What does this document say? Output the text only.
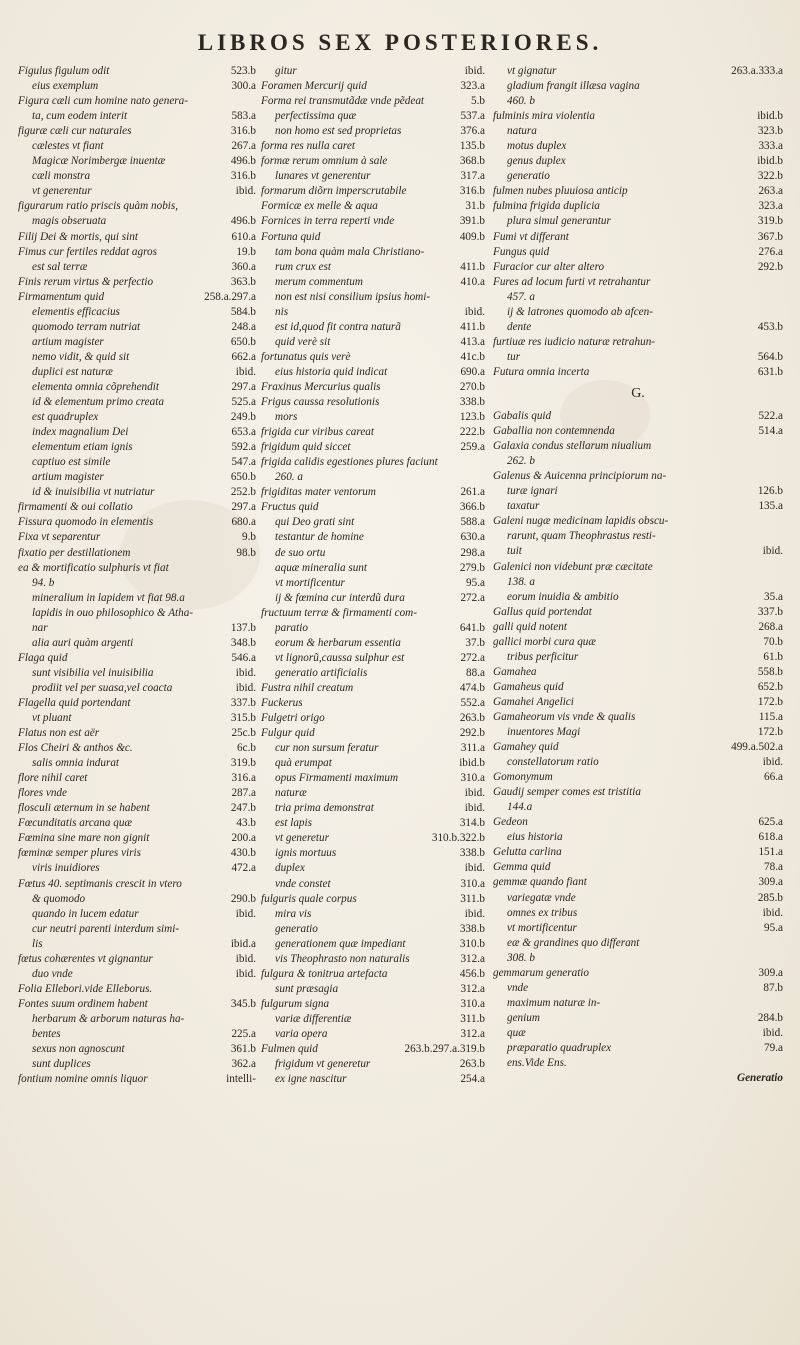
LIBROS SEX POSTERIORES.
Figulus figulum odit	523.b
eius exemplum	300.a
Figura cæli cum homine nato genera-
ta, cum eodem interit	583.a
figuræ cæli cur naturales	316.b
cælestes vt fiant	267.a
Magicæ Norimbergæ inuentæ	496.b
cæli monstra	316.b
vt generentur	ibid.
figurarum ratio priscis quàm nobis,
magis obseruata	496.b
Filij Dei & mortis, qui sint	610.a
Fimus cur fertiles reddat agros	19.b
est sal terræ	360.a
Finis rerum virtus & perfectio	363.b
Firmamentum quid	258.a.297.a
elementis efficacius	584.b
quomodo terram nutriat	248.a
artium magister	650.b
nemo vidit, & quid sit	662.a
duplici est naturæ	ibid.
elementa omnia cõprehendit	297.a
id & elementum primo creata	525.a
est quadruplex	249.b
index magnalium Dei	653.a
elementum etiam ignis	592.a
captiuo est simile	547.a
artium magister	650.b
id & inuisibilia vt nutriatur	252.b
firmamenti & oui collatio	297.a
Fissura quomodo in elementis	680.a
Fixa vt separentur	9.b
fixatio per destillationem	98.b
ea & mortificatio sulphuris vt fiat
94. b
mineralium in lapidem vt fiat 98.a
lapidis in ouo philosophico & Atha-
nar	137.b
alia auri quàm argenti	348.b
Flaga quid	546.a
sunt visibilia vel inuisibilia	ibid.
prodiit vel per suasa,vel coacta	ibid.
Flagella quid portendant	337.b
vt pluant	315.b
Flatus non est aër	25c.b
Flos Cheiri & anthos &c.	6c.b
salis omnia indurat	319.b
flore nihil caret	316.a
flores vnde	287.a
flosculi æternum in se habent	247.b
Fœcunditatis arcana quæ	43.b
Fœmina sine mare non gignit	200.a
fœminæ semper plures viris	430.b
viris inuidiores	472.a
Fœtus 40. septimanis crescit in vtero
& quomodo	290.b
quando in lucem edatur	ibid.
cur neutri parenti interdum simi-
lis	ibid.a
fœtus cohærentes vt gignantur	ibid.
duo vnde	ibid.
Folia Ellebori.vide Elleborus.
Fontes suum ordinem habent	345.b
herbarum & arborum naturas ha-
bentes	225.a
sexus non agnoscunt	361.b
sunt duplices	362.a
fontium nomine omnis liquor	intelli-
gitur	ibid.
Foramen Mercurij quid	323.a
Forma rei transmutãdæ vnde pẽdeat	5.b
perfectissima quæ	537.a
non homo est sed proprietas	376.a
forma res nulla caret	135.b
formæ rerum omnium à sale	368.b
lunares vt generentur	317.a
formarum diõrn imperscrutabile	316.b
Formicæ ex melle & aqua	31.b
Fornices in terra reperti vnde	391.b
Fortuna quid	409.b
tam bona quàm mala Christiano-
rum crux est	411.b
merum commentum	410.a
non est nisi consilium ipsius homi-
nis	ibid.
est id,quod fit contra naturã	411.b
quid verè sit	413.a
fortunatus quis verè	41c.b
eius historia quid indicat	690.a
Fraxinus Mercurius qualis	270.b
Frigus caussa resolutionis	338.b
mors	123.b
frigida cur viribus careat	222.b
frigidum quid siccet	259.a
frigida calidis egestiones plures faciunt
260. a
frigiditas mater ventorum	261.a
Fructus quid	366.b
qui Deo grati sint	588.a
testantur de homine	630.a
de suo ortu	298.a
aquæ mineralia sunt	279.b
vt mortificentur	95.a
ij & fœmina cur interdũ dura	272.a
fructuum terræ & firmamenti com-
paratio	641.b
eorum & herbarum essentia	37.b
vt lignorũ,caussa sulphur est	272.a
generatio artificialis	88.a
Fustra nihil creatum	474.b
Fuckerus	552.a
Fulgetri origo	263.b
Fulgur quid	292.b
cur non sursum feratur	311.a
quà erumpat	ibid.b
opus Firmamenti maximum	310.a
naturæ	ibid.
tria prima demonstrat	ibid.
est lapis	314.b
vt generetur	310.b.322.b
ignis mortuus	338.b
duplex	ibid.
vnde constet	310.a
fulguris quale corpus	311.b
mira vis	ibid.
generatio	338.b
generationem quæ impediant	310.b
vis Theophrasto non naturalis	312.a
fulgura & tonitrua artefacta	456.b
sunt præsagia	312.a
fulgurum signa	310.a
variæ differentiæ	311.b
varia opera	312.a
Fulmen quid	263.b.297.a.319.b
frigidum vt generetur	263.b
ex igne nascitur	254.a
vt gignatur	263.a.333.a
gladium frangit illæsa vagina
460. b
fulminis mira violentia	ibid.b
natura	323.b
motus duplex	333.a
genus duplex	ibid.b
generatio	322.b
fulmen nubes pluuiosa anticip	263.a
fulmina frigida duplicia	323.a
plura simul generantur	319.b
Fumi vt differant	367.b
Fungus quid	276.a
Furacior cur alter altero	292.b
Fures ad locum furti vt retrahantur
457. a
ij & latrones quomodo ab afcen-
dente	453.b
furtiuæ res iudicio naturæ retrahun-
tur	564.b
Futura omnia incerta	631.b
G.
Gabalis quid	522.a
Gaballia non contemnenda	514.a
Galaxia condus stellarum niualium
262. b
Galenus & Auicenna principiorum na-
turæ ignari	126.b
taxatur	135.a
Galeni nugæ medicinam lapidis obscu-
rarunt, quam Theophrastus resti-
tuit	ibid.
Galenici non videbunt præ cæcitate
138. a
eorum inuidia & ambitio	35.a
Gallus quid portendat	337.b
galli quid notent	268.a
gallici morbi cura quæ	70.b
tribus perficitur	61.b
Gamahea	558.b
Gamaheus quid	652.b
Gamahei Angelici	172.b
Gamaheorum vis vnde & qualis	115.a
inuentores Magi	172.b
Gamahey quid	499.a.502.a
constellatorum ratio	ibid.
Gomonymum	66.a
Gaudij semper comes est tristitia
144.a
Gedeon	625.a
eius historia	618.a
Gelutta carlina	151.a
Gemma quid	78.a
gemmæ quando fiant	309.a
variegatæ vnde	285.b
omnes ex tribus	ibid.
vt mortificentur	95.a
eæ & grandines quo differant
308. b
gemmarum generatio	309.a
vnde	87.b
maximum naturæ in-
genium	284.b
quæ	ibid.
præparatio quadruplex	79.a
ens.Vide Ens.
Generatio
